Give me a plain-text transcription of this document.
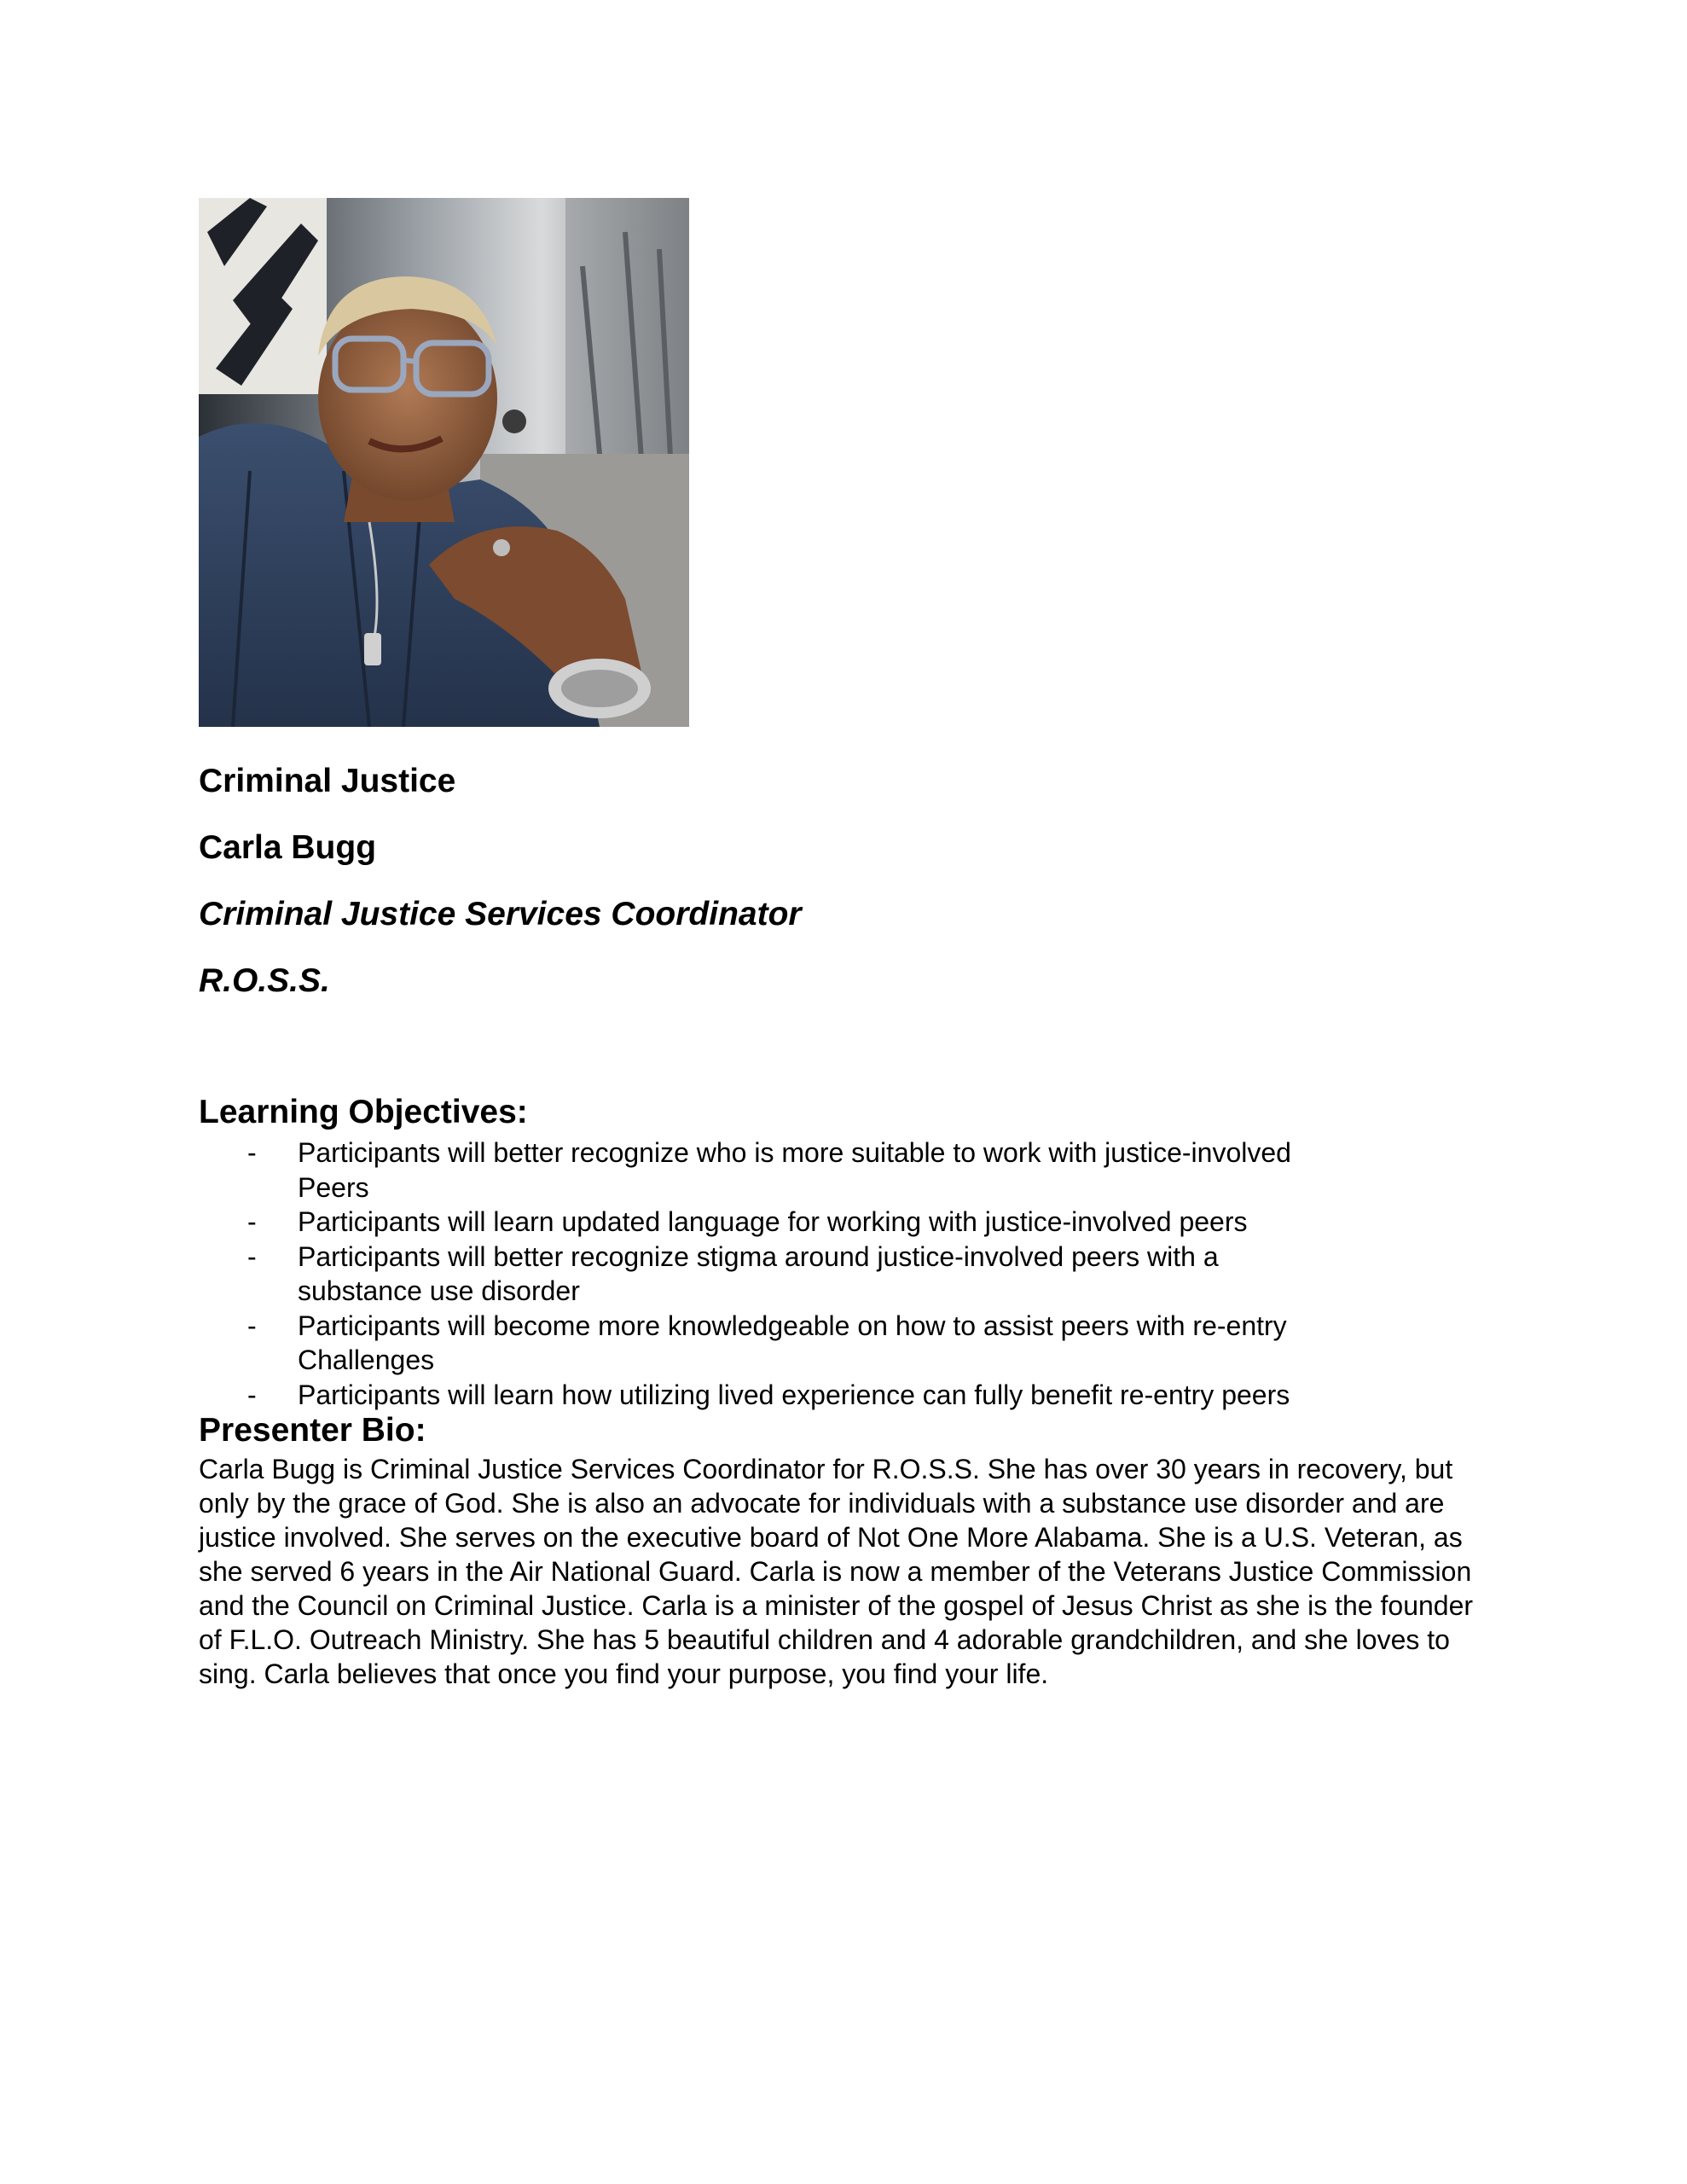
Criminal Justice
Carla Bugg
Criminal Justice Services Coordinator
R.O.S.S.
Learning Objectives:
- Participants will better recognize who is more suitable to work with justice-involved
Peers
- Participants will learn updated language for working with justice-involved peers
- Participants will better recognize stigma around justice-involved peers with a
substance use disorder
- Participants will become more knowledgeable on how to assist peers with re-entry
Challenges
- Participants will learn how utilizing lived experience can fully benefit re-entry peers
Presenter Bio:

Carla Bugg is Criminal Justice Services Coordinator for R.O.S.S. She has over 30 years in recovery, but only by the grace of God. She is also an advocate for individuals with a substance use disorder and are justice involved. She serves on the executive board of Not One More Alabama. She is a U.S. Veteran, as she served 6 years in the Air National Guard. Carla is now a member of the Veterans Justice Commission and the Council on Criminal Justice. Carla is a minister of the gospel of Jesus Christ as she is the founder of F.L.O. Outreach Ministry. She has 5 beautiful children and 4 adorable grandchildren, and she loves to sing. Carla believes that once you find your purpose, you find your life.
